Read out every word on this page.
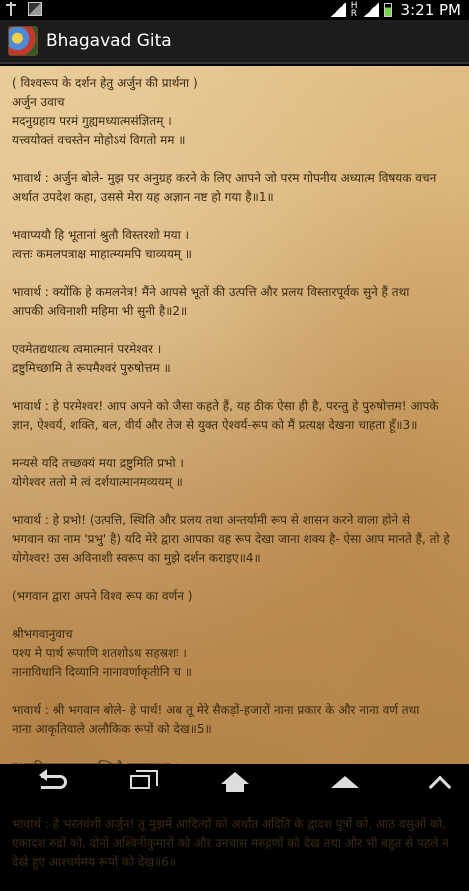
H
R	3:21 PM
Bhagavad Gita
( विश्वरूप के दर्शन हेतु अर्जुन की प्रार्थना )
अर्जुन उवाच
मदनुग्रहाय परमं गुह्यमध्यात्मसंज्ञितम्‌ ।
यत्त्वयोक्तं वचस्तेन मोहोऽयं विगतो मम ॥
भावार्थ : अर्जुन बोले- मुझ पर अनुग्रह करने के लिए आपने जो परम गोपनीय अध्यात्म विषयक वचन
अर्थात उपदेश कहा, उससे मेरा यह अज्ञान नष्ट हो गया है॥1॥
भवाप्ययौ हि भूतानां श्रुतौ विस्तरशो मया ।
त्वत्तः कमलपत्राक्ष माहात्म्यमपि चाव्ययम्‌ ॥
भावार्थ : क्योंकि हे कमलनेत्र! मैंने आपसे भूतों की उत्पत्ति और प्रलय विस्तारपूर्वक सुने हैं तथा
आपकी अविनाशी महिमा भी सुनी है॥2॥
एवमेतद्यथात्थ त्वमात्मानं परमेश्वर ।
द्रष्टुमिच्छामि ते रूपमैश्वरं पुरुषोत्तम ॥
भावार्थ : हे परमेश्वर! आप अपने को जैसा कहते हैं, यह ठीक ऐसा ही है, परन्तु हे पुरुषोत्तम! आपके
ज्ञान, ऐश्वर्य, शक्ति, बल, वीर्य और तेज से युक्त ऐश्वर्य-रूप को मैं प्रत्यक्ष देखना चाहता हूँ॥3॥
मन्यसे यदि तच्छक्यं मया द्रष्टुमिति प्रभो ।
योगेश्वर ततो मे त्वं दर्शयात्मानमव्ययम्‌ ॥
भावार्थ : हे प्रभो! (उत्पत्ति, स्थिति और प्रलय तथा अन्तर्यामी रूप से शासन करने वाला होने से
भगवान का नाम 'प्रभु' है) यदि मेरे द्वारा आपका वह रूप देखा जाना शक्य है- ऐसा आप मानते हैं, तो हे
योगेश्वर! उस अविनाशी स्वरूप का मुझे दर्शन कराइए॥4॥
(भगवान द्वारा अपने विश्व रूप का वर्णन )
श्रीभगवानुवाच
पश्य मे पार्थ रूपाणि शतशोऽथ सहस्रशः ।
नानाविधानि दिव्यानि नानावर्णाकृतीनि च ॥
भावार्थ : श्री भगवान बोले- हे पार्थ! अब तू मेरे सैकड़ों-हजारों नाना प्रकार के और नाना वर्ण तथा
नाना आकृतिवाले अलौकिक रूपों को देख॥5॥
भावार्थ : हे भरतवंशी अर्जुन! तू मुझमें आदित्यों को अर्थात अदिति के द्वादश पुत्रों को, आठ वसुओं को,
एकादश रुद्रों को, दोनों अश्विनीकुमारों को और उनचास मरुद्गणों को देख तथा और भी बहुत से पहले न
देखे हुए आश्चर्यमय रूपों को देख॥6॥
